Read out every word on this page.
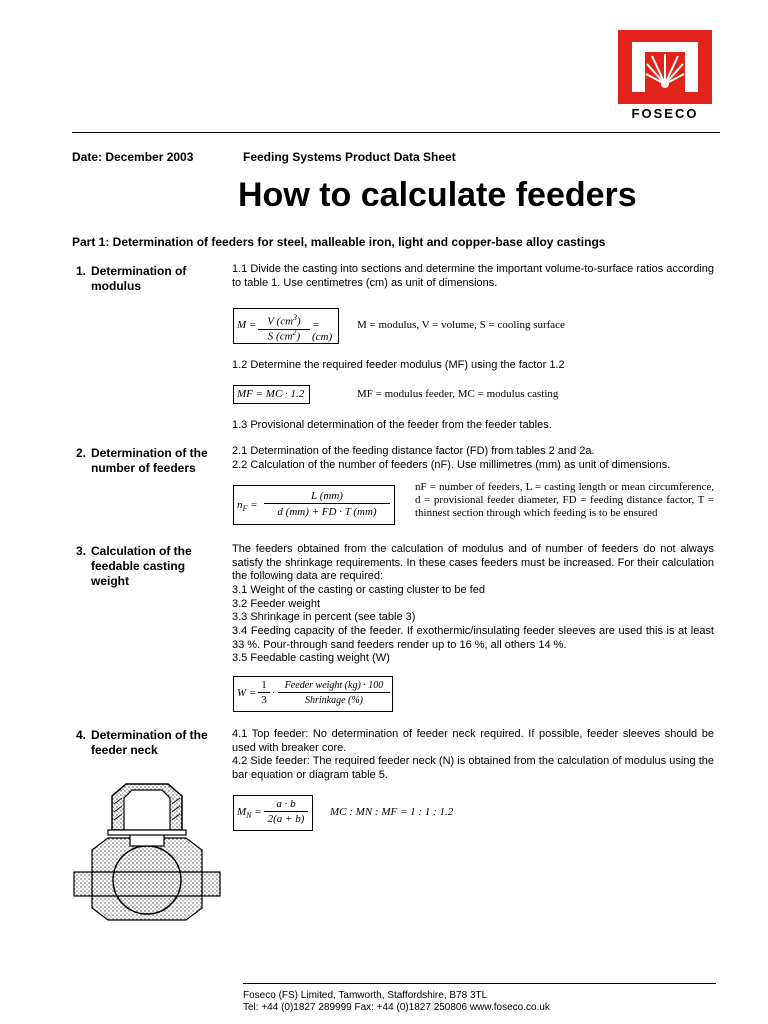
FOSECO
Date: December 2003	Feeding Systems Product Data Sheet
How to calculate feeders
Part 1: Determination of feeders for steel, malleable iron, light and copper-base alloy castings
1. Determination of modulus
1.1 Divide the casting into sections and determine the important volume-to-surface ratios according to table 1. Use centimetres (cm) as unit of dimensions.
M = V $(cm^3)$
S $(cm^2)$
= (cm)
M = modulus, V = volume, S = cooling surface
1.2 Determine the required feeder modulus (MF) using the factor 1.2
MF = MC · 1.2	MF = modulus feeder, MC = modulus casting
1.3 Provisional determination of the feeder from the feeder tables.
2. Determination of the number of feeders
2.1 Determination of the feeding distance factor (FD) from tables 2 and 2a.
2.2 Calculation of the number of feeders (nF). Use millimetres (mm) as unit of dimensions.
$n_F$ =
L (mm)
d (mm) + FD · T (mm)
nF = number of feeders, L = casting length or mean circumference, d = provisional feeder diameter, FD = feeding distance factor, T = thinnest section through which feeding is to be ensured
3. Calculation of the feedable casting weight
The feeders obtained from the calculation of modulus and of number of feeders do not always satisfy the shrinkage requirements. In these cases feeders must be increased. For their calculation the following data are required:
3.1 Weight of the casting or casting cluster to be fed
3.2 Feeder weight
3.3 Shrinkage in percent (see table 3)
3.4 Feeding capacity of the feeder. If exothermic/insulating feeder sleeves are used this is at least 33 %. Pour-through sand feeders render up to 16 %, all others 14 %.
3.5 Feedable casting weight (W)
W =
1
3
·
Feeder weight (kg) · 100
Shrinkage (%)
4. Determination of the feeder neck
4.1 Top feeder: No determination of feeder neck required. If possible, feeder sleeves should be used with breaker core.
4.2 Side feeder: The required feeder neck (N) is obtained from the calculation of modulus using the bar equation or diagram table 5.
$M_N$ =
a · b
2(a + b)
MC : MN : MF = 1 : 1 : 1.2
Foseco (FS) Limited, Tamworth, Staffordshire, B78 3TL
Tel: +44 (0)1827 289999 Fax: +44 (0)1827 250806 www.foseco.co.uk
